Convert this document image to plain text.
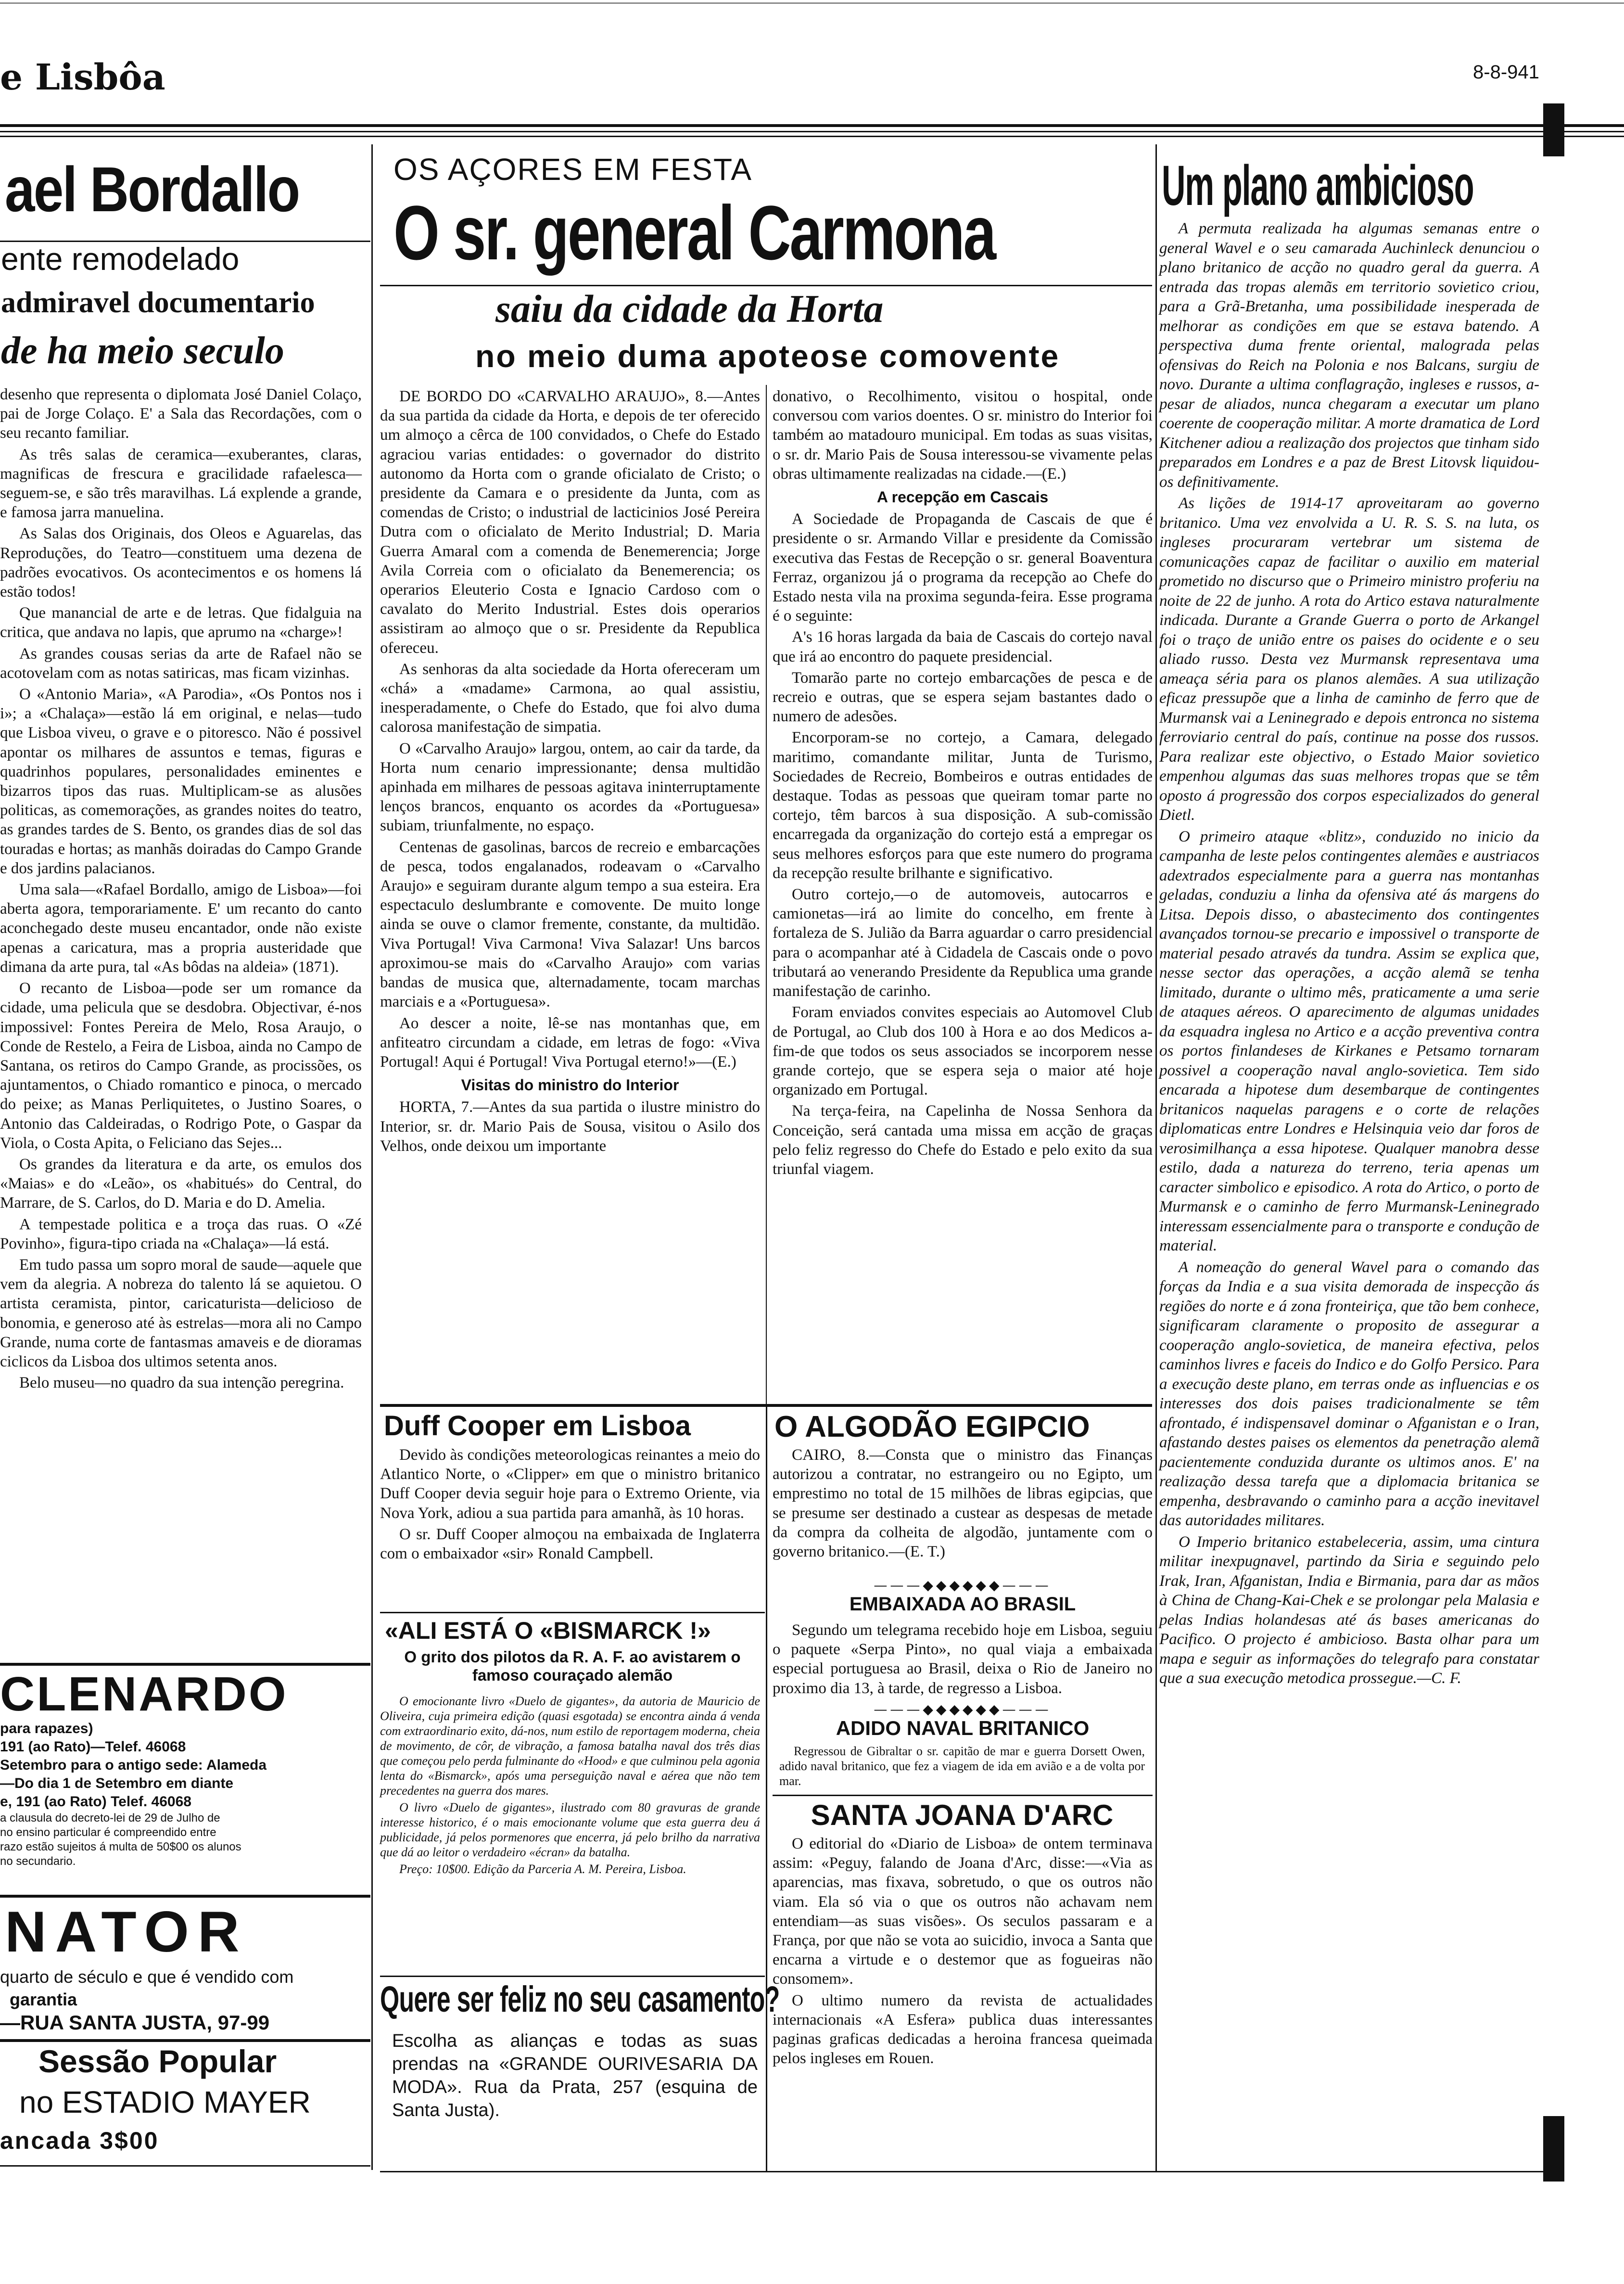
e Lisbôa	8-8-941
ael Bordallo
ente remodelado
admiravel documentario
de ha meio seculo

desenho que representa o diplomata José Daniel Colaço, pai de Jorge Colaço. E' a Sala das Recordações, com o seu recanto familiar.

As três salas de ceramica—exuberantes, claras, magnificas de frescura e gracilidade rafaelesca—seguem-se, e são três maravilhas. Lá explende a grande, e famosa jarra manuelina.

As Salas dos Originais, dos Oleos e Aguarelas, das Reproduções, do Teatro—constituem uma dezena de padrões evocativos. Os acontecimentos e os homens lá estão todos!

Que manancial de arte e de letras. Que fidalguia na critica, que andava no lapis, que aprumo na «charge»!

As grandes cousas serias da arte de Rafael não se acotovelam com as notas satiricas, mas ficam vizinhas.

O «Antonio Maria», «A Parodia», «Os Pontos nos i i»; a «Chalaça»—estão lá em original, e nelas—tudo que Lisboa viveu, o grave e o pitoresco. Não é possivel apontar os milhares de assuntos e temas, figuras e quadrinhos populares, personalidades eminentes e bizarros tipos das ruas. Multiplicam-se as alusões politicas, as comemorações, as grandes noites do teatro, as grandes tardes de S. Bento, os grandes dias de sol das touradas e hortas; as manhãs doiradas do Campo Grande e dos jardins palacianos.

Uma sala—«Rafael Bordallo, amigo de Lisboa»—foi aberta agora, temporariamente. E' um recanto do canto aconchegado deste museu encantador, onde não existe apenas a caricatura, mas a propria austeridade que dimana da arte pura, tal «As bôdas na aldeia» (1871).

O recanto de Lisboa—pode ser um romance da cidade, uma pelicula que se desdobra. Objectivar, é-nos impossivel: Fontes Pereira de Melo, Rosa Araujo, o Conde de Restelo, a Feira de Lisboa, ainda no Campo de Santana, os retiros do Campo Grande, as procissões, os ajuntamentos, o Chiado romantico e pinoca, o mercado do peixe; as Manas Perliquitetes, o Justino Soares, o Antonio das Caldeiradas, o Rodrigo Pote, o Gaspar da Viola, o Costa Apita, o Feliciano das Sejes...

Os grandes da literatura e da arte, os emulos dos «Maias» e do «Leão», os «habitués» do Central, do Marrare, de S. Carlos, do D. Maria e do D. Amelia.

A tempestade politica e a troça das ruas. O «Zé Povinho», figura-tipo criada na «Chalaça»—lá está.

Em tudo passa um sopro moral de saude—aquele que vem da alegria. A nobreza do talento lá se aquietou. O artista ceramista, pintor, caricaturista—delicioso de bonomia, e generoso até às estrelas—mora ali no Campo Grande, numa corte de fantasmas amaveis e de dioramas ciclicos da Lisboa dos ultimos setenta anos.

Belo museu—no quadro da sua intenção peregrina.

CLENARDO
para rapazes)
191 (ao Rato)—Telef. 46068
Setembro para o antigo sede: Alameda
—Do dia 1 de Setembro em diante
e, 191 (ao Rato) Telef. 46068
a clausula do decreto-lei de 29 de Julho de
no ensino particular é compreendido entre
razo estão sujeitos á multa de 50$00 os alunos
no secundario.
NATOR
quarto de século e que é vendido com
garantia
—RUA SANTA JUSTA, 97-99
Sessão Popular
no ESTADIO MAYER
ancada 3$00
OS AÇORES EM FESTA
O sr. general Carmona
saiu da cidade da Horta
no meio duma apoteose comovente

DE BORDO DO «CARVALHO ARAUJO», 8.—Antes da sua partida da cidade da Horta, e depois de ter oferecido um almoço a cêrca de 100 convidados, o Chefe do Estado agraciou varias entidades: o governador do distrito autonomo da Horta com o grande oficialato de Cristo; o presidente da Camara e o presidente da Junta, com as comendas de Cristo; o industrial de lacticinios José Pereira Dutra com o oficialato de Merito Industrial; D. Maria Guerra Amaral com a comenda de Benemerencia; Jorge Avila Correia com o oficialato da Benemerencia; os operarios Eleuterio Costa e Ignacio Cardoso com o cavalato do Merito Industrial. Estes dois operarios assistiram ao almoço que o sr. Presidente da Republica ofereceu.

As senhoras da alta sociedade da Horta ofereceram um «chá» a «madame» Carmona, ao qual assistiu, inesperadamente, o Chefe do Estado, que foi alvo duma calorosa manifestação de simpatia.

O «Carvalho Araujo» largou, ontem, ao cair da tarde, da Horta num cenario impressionante; densa multidão apinhada em milhares de pessoas agitava ininterruptamente lenços brancos, enquanto os acordes da «Portuguesa» subiam, triunfalmente, no espaço.

Centenas de gasolinas, barcos de recreio e embarcações de pesca, todos engalanados, rodeavam o «Carvalho Araujo» e seguiram durante algum tempo a sua esteira. Era espectaculo deslumbrante e comovente. De muito longe ainda se ouve o clamor fremente, constante, da multidão. Viva Portugal! Viva Carmona! Viva Salazar! Uns barcos aproximou-se mais do «Carvalho Araujo» com varias bandas de musica que, alternadamente, tocam marchas marciais e a «Portuguesa».

Ao descer a noite, lê-se nas montanhas que, em anfiteatro circundam a cidade, em letras de fogo: «Viva Portugal! Aqui é Portugal! Viva Portugal eterno!»—(E.)

Visitas do ministro do Interior

HORTA, 7.—Antes da sua partida o ilustre ministro do Interior, sr. dr. Mario Pais de Sousa, visitou o Asilo dos Velhos, onde deixou um importante

donativo, o Recolhimento, visitou o hospital, onde conversou com varios doentes. O sr. ministro do Interior foi também ao matadouro municipal. Em todas as suas visitas, o sr. dr. Mario Pais de Sousa interessou-se vivamente pelas obras ultimamente realizadas na cidade.—(E.)

A recepção em Cascais

A Sociedade de Propaganda de Cascais de que é presidente o sr. Armando Villar e presidente da Comissão executiva das Festas de Recepção o sr. general Boaventura Ferraz, organizou já o programa da recepção ao Chefe do Estado nesta vila na proxima segunda-feira. Esse programa é o seguinte:

A's 16 horas largada da baia de Cascais do cortejo naval que irá ao encontro do paquete presidencial.

Tomarão parte no cortejo embarcações de pesca e de recreio e outras, que se espera sejam bastantes dado o numero de adesões.

Encorporam-se no cortejo, a Camara, delegado maritimo, comandante militar, Junta de Turismo, Sociedades de Recreio, Bombeiros e outras entidades de destaque. Todas as pessoas que queiram tomar parte no cortejo, têm barcos à sua disposição. A sub-comissão encarregada da organização do cortejo está a empregar os seus melhores esforços para que este numero do programa da recepção resulte brilhante e significativo.

Outro cortejo,—o de automoveis, autocarros e camionetas—irá ao limite do concelho, em frente à fortaleza de S. Julião da Barra aguardar o carro presidencial para o acompanhar até à Cidadela de Cascais onde o povo tributará ao venerando Presidente da Republica uma grande manifestação de carinho.

Foram enviados convites especiais ao Automovel Club de Portugal, ao Club dos 100 à Hora e ao dos Medicos a-fim-de que todos os seus associados se incorporem nesse grande cortejo, que se espera seja o maior até hoje organizado em Portugal.

Na terça-feira, na Capelinha de Nossa Senhora da Conceição, será cantada uma missa em acção de graças pelo feliz regresso do Chefe do Estado e pelo exito da sua triunfal viagem.

Duff Cooper em Lisboa

Devido às condições meteorologicas reinantes a meio do Atlantico Norte, o «Clipper» em que o ministro britanico Duff Cooper devia seguir hoje para o Extremo Oriente, via Nova York, adiou a sua partida para amanhã, às 10 horas.

O sr. Duff Cooper almoçou na embaixada de Inglaterra com o embaixador «sir» Ronald Campbell.

«ALI ESTÁ O «BISMARCK !»
O grito dos pilotos da R. A. F. ao avistarem o famoso couraçado alemão

O emocionante livro «Duelo de gigantes», da autoria de Mauricio de Oliveira, cuja primeira edição (quasi esgotada) se encontra ainda á venda com extraordinario exito, dá-nos, num estilo de reportagem moderna, cheia de movimento, de côr, de vibração, a famosa batalha naval dos três dias que começou pelo perda fulminante do «Hood» e que culminou pela agonia lenta do «Bismarck», após uma perseguição naval e aérea que não tem precedentes na guerra dos mares.

O livro «Duelo de gigantes», ilustrado com 80 gravuras de grande interesse historico, é o mais emocionante volume que esta guerra deu á publicidade, já pelos pormenores que encerra, já pelo brilho da narrativa que dá ao leitor o verdadeiro «écran» da batalha.

Preço: 10$00. Edição da Parceria A. M. Pereira, Lisboa.

Quere ser feliz no seu casamento?
Escolha as alianças e todas as suas prendas na «GRANDE OURIVESARIA DA MODA». Rua da Prata, 257 (esquina de Santa Justa).
O ALGODÃO EGIPCIO
CAIRO, 8.—Consta que o ministro das Finanças autorizou a contratar, no estrangeiro ou no Egipto, um emprestimo no total de 15 milhões de libras egipcias, que se presume ser destinado a custear as despesas de metade da compra da colheita de algodão, juntamente com o governo britanico.—(E. T.)
———◆◆◆◆◆◆———
EMBAIXADA AO BRASIL
Segundo um telegrama recebido hoje em Lisboa, seguiu o paquete «Serpa Pinto», no qual viaja a embaixada especial portuguesa ao Brasil, deixa o Rio de Janeiro no proximo dia 13, à tarde, de regresso a Lisboa.
———◆◆◆◆◆◆———
ADIDO NAVAL BRITANICO
Regressou de Gibraltar o sr. capitão de mar e guerra Dorsett Owen, adido naval britanico, que fez a viagem de ida em avião e a de volta por mar.
SANTA JOANA D'ARC

O editorial do «Diario de Lisboa» de ontem terminava assim: «Peguy, falando de Joana d'Arc, disse:—«Via as aparencias, mas fixava, sobretudo, o que os outros não viam. Ela só via o que os outros não achavam nem entendiam—as suas visões». Os seculos passaram e a França, por que não se vota ao suicidio, invoca a Santa que encarna a virtude e o destemor que as fogueiras não consomem».

O ultimo numero da revista de actualidades internacionais «A Esfera» publica duas interessantes paginas graficas dedicadas a heroina francesa queimada pelos ingleses em Rouen.

Um plano ambicioso

A permuta realizada ha algumas semanas entre o general Wavel e o seu camarada Auchinleck denunciou o plano britanico de acção no quadro geral da guerra. A entrada das tropas alemãs em territorio sovietico criou, para a Grã-Bretanha, uma possibilidade inesperada de melhorar as condições em que se estava batendo. A perspectiva duma frente oriental, malograda pelas ofensivas do Reich na Polonia e nos Balcans, surgiu de novo. Durante a ultima conflagração, ingleses e russos, a-pesar de aliados, nunca chegaram a executar um plano coerente de cooperação militar. A morte dramatica de Lord Kitchener adiou a realização dos projectos que tinham sido preparados em Londres e a paz de Brest Litovsk liquidou-os definitivamente.

As lições de 1914-17 aproveitaram ao governo britanico. Uma vez envolvida a U. R. S. S. na luta, os ingleses procuraram vertebrar um sistema de comunicações capaz de facilitar o auxilio em material prometido no discurso que o Primeiro ministro proferiu na noite de 22 de junho. A rota do Artico estava naturalmente indicada. Durante a Grande Guerra o porto de Arkangel foi o traço de união entre os paises do ocidente e o seu aliado russo. Desta vez Murmansk representava uma ameaça séria para os planos alemães. A sua utilização eficaz pressupõe que a linha de caminho de ferro que de Murmansk vai a Leninegrado e depois entronca no sistema ferroviario central do país, continue na posse dos russos. Para realizar este objectivo, o Estado Maior sovietico empenhou algumas das suas melhores tropas que se têm oposto á progressão dos corpos especializados do general Dietl.

O primeiro ataque «blitz», conduzido no inicio da campanha de leste pelos contingentes alemães e austriacos adextrados especialmente para a guerra nas montanhas geladas, conduziu a linha da ofensiva até ás margens do Litsa. Depois disso, o abastecimento dos contingentes avançados tornou-se precario e impossivel o transporte de material pesado através da tundra. Assim se explica que, nesse sector das operações, a acção alemã se tenha limitado, durante o ultimo mês, praticamente a uma serie de ataques aéreos. O aparecimento de algumas unidades da esquadra inglesa no Artico e a acção preventiva contra os portos finlandeses de Kirkanes e Petsamo tornaram possivel a cooperação naval anglo-sovietica. Tem sido encarada a hipotese dum desembarque de contingentes britanicos naquelas paragens e o corte de relações diplomaticas entre Londres e Helsinquia veio dar foros de verosimilhança a essa hipotese. Qualquer manobra desse estilo, dada a natureza do terreno, teria apenas um caracter simbolico e episodico. A rota do Artico, o porto de Murmansk e o caminho de ferro Murmansk-Leninegrado interessam essencialmente para o transporte e condução de material.

A nomeação do general Wavel para o comando das forças da India e a sua visita demorada de inspecção ás regiões do norte e á zona fronteiriça, que tão bem conhece, significaram claramente o proposito de assegurar a cooperação anglo-sovietica, de maneira efectiva, pelos caminhos livres e faceis do Indico e do Golfo Persico. Para a execução deste plano, em terras onde as influencias e os interesses dos dois paises tradicionalmente se têm afrontado, é indispensavel dominar o Afganistan e o Iran, afastando destes paises os elementos da penetração alemã pacientemente conduzida durante os ultimos anos. E' na realização dessa tarefa que a diplomacia britanica se empenha, desbravando o caminho para a acção inevitavel das autoridades militares.

O Imperio britanico estabeleceria, assim, uma cintura militar inexpugnavel, partindo da Siria e seguindo pelo Irak, Iran, Afganistan, India e Birmania, para dar as mãos à China de Chang-Kai-Chek e se prolongar pela Malasia e pelas Indias holandesas até ás bases americanas do Pacifico. O projecto é ambicioso. Basta olhar para um mapa e seguir as informações do telegrafo para constatar que a sua execução metodica prossegue.—C. F.
